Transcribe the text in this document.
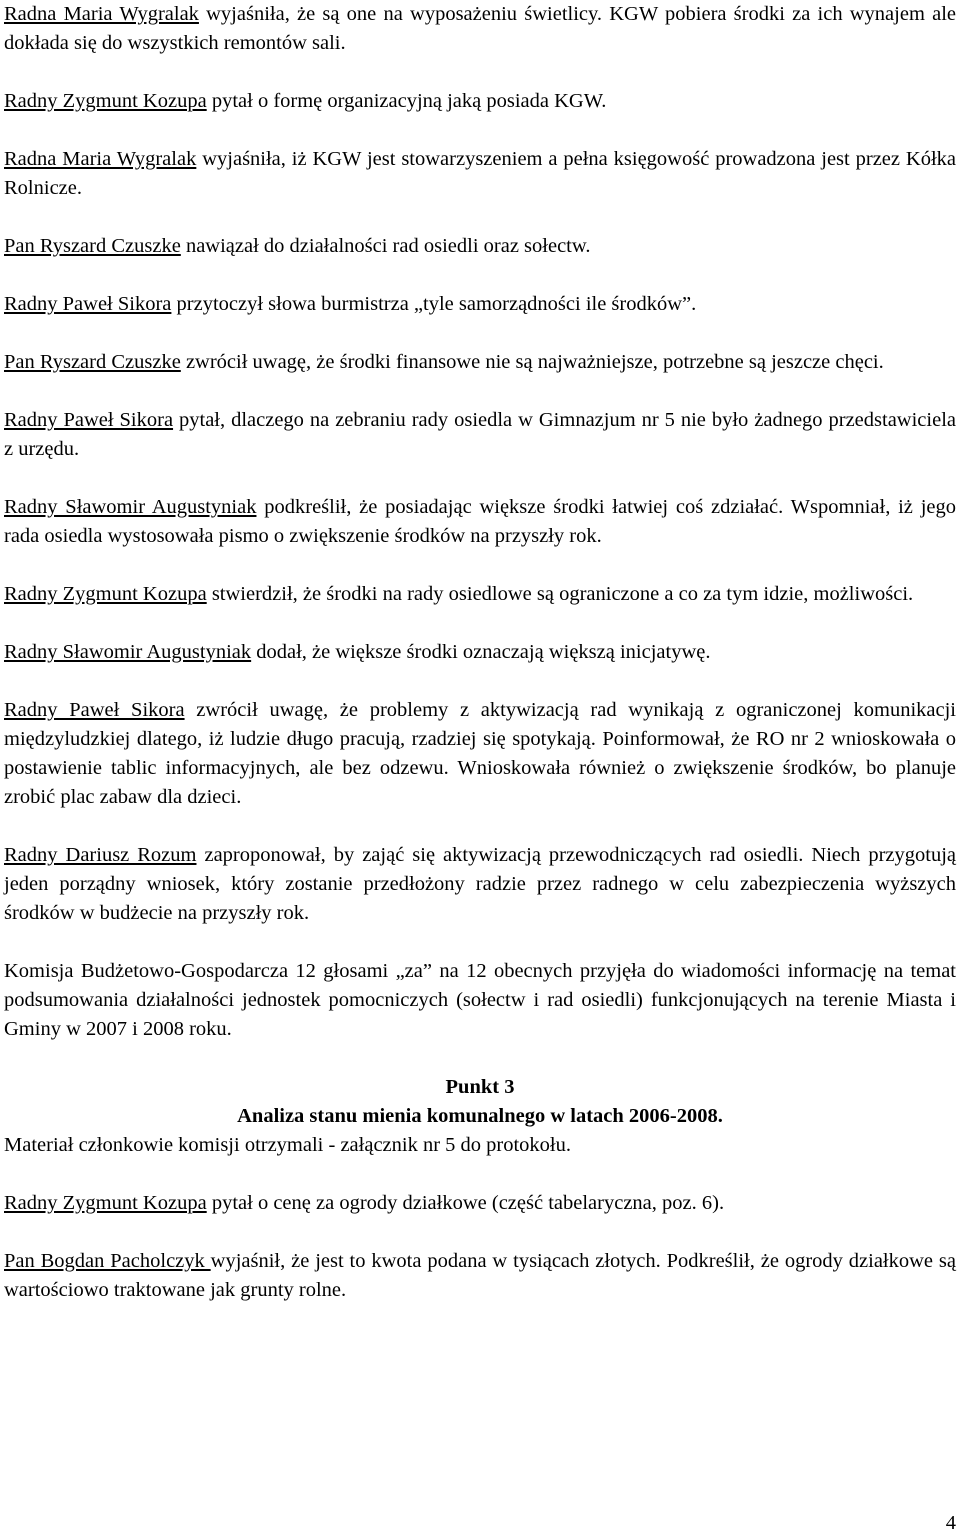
Radna Maria Wygralak wyjaśniła, że są one na wyposażeniu świetlicy. KGW pobiera środki za ich wynajem ale dokłada się do wszystkich remontów sali.

Radny Zygmunt Kozupa pytał o formę organizacyjną jaką posiada KGW.

Radna Maria Wygralak wyjaśniła, iż KGW jest stowarzyszeniem a pełna księgowość prowadzona jest przez Kółka Rolnicze.

Pan Ryszard Czuszke nawiązał do działalności rad osiedli oraz sołectw.

Radny Paweł Sikora przytoczył słowa burmistrza „tyle samorządności ile środków”.

Pan Ryszard Czuszke zwrócił uwagę, że środki finansowe nie są najważniejsze, potrzebne są jeszcze chęci.

Radny Paweł Sikora pytał, dlaczego na zebraniu rady osiedla w Gimnazjum nr 5 nie było żadnego przedstawiciela z urzędu.

Radny Sławomir Augustyniak podkreślił, że posiadając większe środki łatwiej coś zdziałać. Wspomniał, iż jego rada osiedla wystosowała pismo o zwiększenie środków na przyszły rok.

Radny Zygmunt Kozupa stwierdził, że środki na rady osiedlowe są ograniczone a co za tym idzie, możliwości.

Radny Sławomir Augustyniak dodał, że większe środki oznaczają większą inicjatywę.

Radny Paweł Sikora zwrócił uwagę, że problemy z aktywizacją rad wynikają z ograniczonej komunikacji międzyludzkiej dlatego, iż ludzie długo pracują, rzadziej się spotykają. Poinformował, że RO nr 2 wnioskowała o postawienie tablic informacyjnych, ale bez odzewu. Wnioskowała również o zwiększenie środków, bo planuje zrobić plac zabaw dla dzieci.

Radny Dariusz Rozum zaproponował, by zająć się aktywizacją przewodniczących rad osiedli. Niech przygotują jeden porządny wniosek, który zostanie przedłożony radzie przez radnego w celu zabezpieczenia wyższych środków w budżecie na przyszły rok.

Komisja Budżetowo-Gospodarcza 12 głosami „za” na 12 obecnych przyjęła do wiadomości informację na temat podsumowania działalności jednostek pomocniczych (sołectw i rad osiedli) funkcjonujących na terenie Miasta i Gminy w 2007 i 2008 roku.

Punkt 3

Analiza stanu mienia komunalnego w latach 2006-2008.

Materiał członkowie komisji otrzymali - załącznik nr 5 do protokołu.

Radny Zygmunt Kozupa pytał o cenę za ogrody działkowe (część tabelaryczna, poz. 6).

Pan Bogdan Pacholczyk wyjaśnił, że jest to kwota podana w tysiącach złotych. Podkreślił, że ogrody działkowe są wartościowo traktowane jak grunty rolne.

4
